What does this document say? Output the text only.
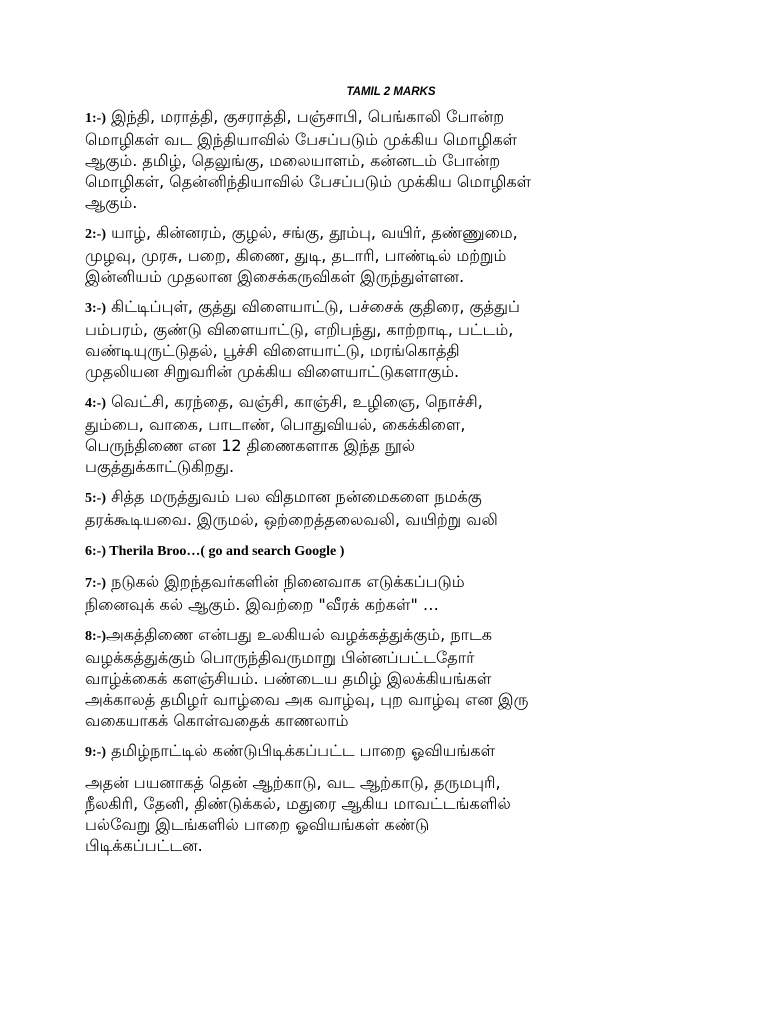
TAMIL 2 MARKS
1:-) இந்தி, மராத்தி, குசராத்தி, பஞ்சாபி, பெங்காலி போன்ற
மொழிகள் வட இந்தியாவில் பேசப்படும் முக்கிய மொழிகள்
ஆகும். தமிழ், தெலுங்கு, மலையாளம், கன்னடம் போன்ற
மொழிகள், தென்னிந்தியாவில் பேசப்படும் முக்கிய மொழிகள்
ஆகும்.
2:-) யாழ், கின்னரம், குழல், சங்கு, தூம்பு, வயிர், தண்ணுமை,
முழவு, முரசு, பறை, கிணை, துடி, தடாரி, பாண்டில் மற்றும்
இன்னியம் முதலான இசைக்கருவிகள் இருந்துள்ளன.
3:-) கிட்டிப்புள், குத்து விளையாட்டு, பச்சைக் குதிரை, குத்துப்
பம்பரம், குண்டு விளையாட்டு, எறிபந்து, காற்றாடி, பட்டம்,
வண்டியுருட்டுதல், பூச்சி விளையாட்டு, மரங்கொத்தி
முதலியன சிறுவரின் முக்கிய விளையாட்டுகளாகும்.
4:-) வெட்சி, கரந்தை, வஞ்சி, காஞ்சி, உழிஞை, நொச்சி,
தும்பை, வாகை, பாடாண், பொதுவியல், கைக்கிளை,
பெருந்திணை என 12 திணைகளாக இந்த நூல்
பகுத்துக்காட்டுகிறது.
5:-) சித்த மருத்துவம் பல விதமான நன்மைகளை நமக்கு
தரக்கூடியவை. இருமல், ஒற்றைத்தலைவலி, வயிற்று வலி
6:-) Therila Broo…( go and search Google )
7:-) நடுகல் இறந்தவர்களின் நினைவாக எடுக்கப்படும்
நினைவுக் கல் ஆகும். இவற்றை "வீரக் கற்கள்" …
8:-)அகத்திணை என்பது உலகியல் வழக்கத்துக்கும், நாடக
வழக்கத்துக்கும் பொருந்திவருமாறு பின்னப்பட்டதோர்
வாழ்க்கைக் களஞ்சியம். பண்டைய தமிழ் இலக்கியங்கள்
அக்காலத் தமிழர் வாழ்வை அக வாழ்வு, புற வாழ்வு என இரு
வகையாகக் கொள்வதைக் காணலாம்
9:-) தமிழ்நாட்டில் கண்டுபிடிக்கப்பட்ட பாறை ஓவியங்கள்
அதன் பயனாகத் தென் ஆற்காடு, வட ஆற்காடு, தருமபுரி,
நீலகிரி, தேனி, திண்டுக்கல், மதுரை ஆகிய மாவட்டங்களில்
பல்வேறு இடங்களில் பாறை ஓவியங்கள் கண்டு
பிடிக்கப்பட்டன.
